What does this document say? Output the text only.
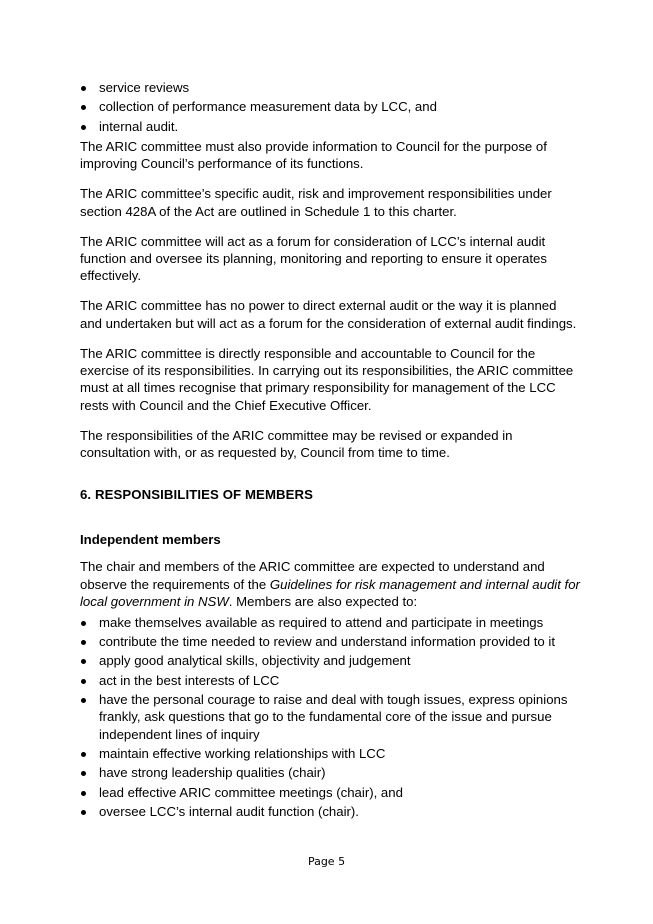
service reviews
collection of performance measurement data by LCC, and
internal audit.

The ARIC committee must also provide information to Council for the purpose of improving Council’s performance of its functions.

The ARIC committee’s specific audit, risk and improvement responsibilities under section 428A of the Act are outlined in Schedule 1 to this charter.

The ARIC committee will act as a forum for consideration of LCC’s internal audit function and oversee its planning, monitoring and reporting to ensure it operates effectively.

The ARIC committee has no power to direct external audit or the way it is planned and undertaken but will act as a forum for the consideration of external audit findings.

The ARIC committee is directly responsible and accountable to Council for the exercise of its responsibilities. In carrying out its responsibilities, the ARIC committee must at all times recognise that primary responsibility for management of the LCC rests with Council and the Chief Executive Officer.

The responsibilities of the ARIC committee may be revised or expanded in consultation with, or as requested by, Council from time to time.

6. RESPONSIBILITIES OF MEMBERS
Independent members

The chair and members of the ARIC committee are expected to understand and observe the requirements of the Guidelines for risk management and internal audit for local government in NSW. Members are also expected to:

make themselves available as required to attend and participate in meetings
contribute the time needed to review and understand information provided to it
apply good analytical skills, objectivity and judgement
act in the best interests of LCC
have the personal courage to raise and deal with tough issues, express opinions frankly, ask questions that go to the fundamental core of the issue and pursue independent lines of inquiry
maintain effective working relationships with LCC
have strong leadership qualities (chair)
lead effective ARIC committee meetings (chair), and
oversee LCC’s internal audit function (chair).
Page 5
